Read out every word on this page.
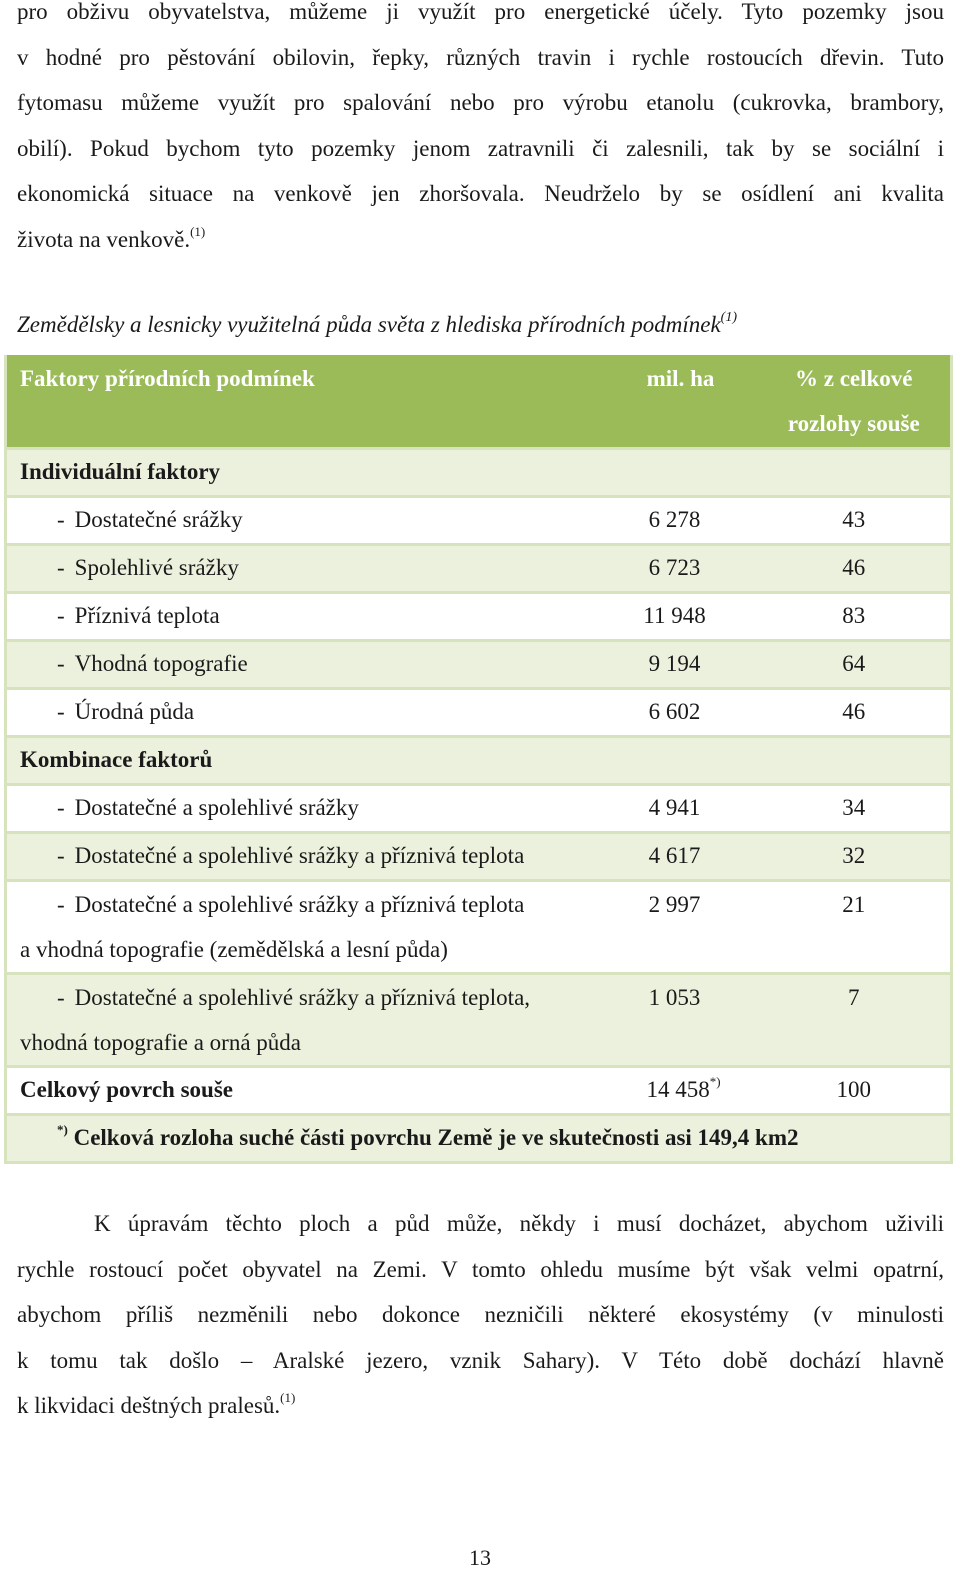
pro obživu obyvatelstva, můžeme ji využít pro energetické účely. Tyto pozemky jsou
v hodné pro pěstování obilovin, řepky, různých travin i rychle rostoucích dřevin. Tuto
fytomasu můžeme využít pro spalování nebo pro výrobu etanolu (cukrovka, brambory,
obilí). Pokud bychom tyto pozemky jenom zatravnili či zalesnili, tak by se sociální i
ekonomická situace na venkově jen zhoršovala. Neudrželo by se osídlení ani kvalita
života na venkově.$^{(1)}$

Zemědělsky a lesnicky využitelná půda světa z hlediska přírodních podmínek$^{(1)}$

Faktory přírodních podmínek	mil. ha	% z celkové
rozlohy souše

Individuální faktory		
- Dostatečné srážky	6 278	43
- Spolehlivé srážky	6 723	46
- Příznivá teplota	11 948	83
- Vhodná topografie	9 194	64
- Úrodná půda	6 602	46
Kombinace faktorů		
- Dostatečné a spolehlivé srážky	4 941	34
- Dostatečné a spolehlivé srážky a příznivá teplota	4 617	32

- Dostatečné a spolehlivé srážky a příznivá teplota
a vhodná topografie (zemědělská a lesní půda)	2 997	21

- Dostatečné a spolehlivé srážky a příznivá teplota,
vhodná topografie a orná půda	1 053	7
Celkový povrch souše	14 458*)	100
*) Celková rozloha suché části povrchu Země je ve skutečnosti asi 149,4 km2		
K úpravám těchto ploch a půd může, někdy i musí docházet, abychom uživili
rychle rostoucí počet obyvatel na Zemi. V tomto ohledu musíme být však velmi opatrní,
abychom příliš nezměnili nebo dokonce nezničili některé ekosystémy (v minulosti
k tomu tak došlo – Aralské jezero, vznik Sahary). V Této době dochází hlavně
k likvidaci deštných pralesů.$^{(1)}$
13
